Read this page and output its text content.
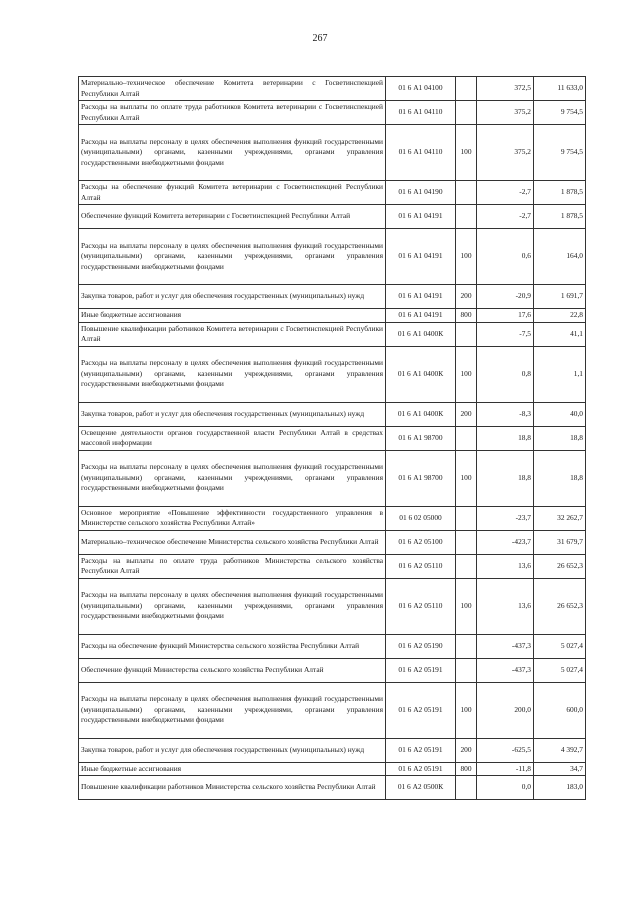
267
Материально–техническое обеспечение Комитета ветеринарии с Госветинспекцией Республики Алтай	01 6 А1 04100		372,5	11 633,0
Расходы на выплаты по оплате труда работников Комитета ветеринарии с Госветинспекцией Республики Алтай	01 6 А1 04110		375,2	9 754,5
Расходы на выплаты персоналу в целях обеспечения выполнения функций государственными (муниципальными) органами, казенными учреждениями, органами управления государственными внебюджетными фондами	01 6 А1 04110	100	375,2	9 754,5
Расходы на обеспечение функций Комитета ветеринарии с Госветинспекцией Республики Алтай	01 6 А1 04190		-2,7	1 878,5
Обеспечение функций Комитета ветеринарии с Госветинспекцией Республики Алтай	01 6 А1 04191		-2,7	1 878,5
Расходы на выплаты персоналу в целях обеспечения выполнения функций государственными (муниципальными) органами, казенными учреждениями, органами управления государственными внебюджетными фондами	01 6 А1 04191	100	0,6	164,0
Закупка товаров, работ и услуг для обеспечения государственных (муниципальных) нужд	01 6 А1 04191	200	-20,9	1 691,7
Иные бюджетные ассигнования	01 6 А1 04191	800	17,6	22,8
Повышение квалификации работников Комитета ветеринарии с Госветинспекцией Республики Алтай	01 6 А1 0400К		-7,5	41,1
Расходы на выплаты персоналу в целях обеспечения выполнения функций государственными (муниципальными) органами, казенными учреждениями, органами управления государственными внебюджетными фондами	01 6 А1 0400К	100	0,8	1,1
Закупка товаров, работ и услуг для обеспечения государственных (муниципальных) нужд	01 6 А1 0400К	200	-8,3	40,0
Освещение деятельности органов государственной власти Республики Алтай в средствах массовой информации	01 6 А1 98700		18,8	18,8
Расходы на выплаты персоналу в целях обеспечения выполнения функций государственными (муниципальными) органами, казенными учреждениями, органами управления государственными внебюджетными фондами	01 6 А1 98700	100	18,8	18,8
Основное мероприятие «Повышение эффективности государственного управления в Министерстве сельского хозяйства Республики Алтай»	01 6 02 05000		-23,7	32 262,7
Материально–техническое обеспечение Министерства сельского хозяйства Республики Алтай	01 6 А2 05100		-423,7	31 679,7
Расходы на выплаты по оплате труда работников Министерства сельского хозяйства Республики Алтай	01 6 А2 05110		13,6	26 652,3
Расходы на выплаты персоналу в целях обеспечения выполнения функций государственными (муниципальными) органами, казенными учреждениями, органами управления государственными внебюджетными фондами	01 6 А2 05110	100	13,6	26 652,3
Расходы на обеспечение функций Министерства сельского хозяйства Республики Алтай	01 6 А2 05190		-437,3	5 027,4
Обеспечение функций Министерства сельского хозяйства Республики Алтай	01 6 А2 05191		-437,3	5 027,4
Расходы на выплаты персоналу в целях обеспечения выполнения функций государственными (муниципальными) органами, казенными учреждениями, органами управления государственными внебюджетными фондами	01 6 А2 05191	100	200,0	600,0
Закупка товаров, работ и услуг для обеспечения государственных (муниципальных) нужд	01 6 А2 05191	200	-625,5	4 392,7
Иные бюджетные ассигнования	01 6 А2 05191	800	-11,8	34,7
Повышение квалификации работников Министерства сельского хозяйства Республики Алтай	01 6 А2 0500К		0,0	183,0
